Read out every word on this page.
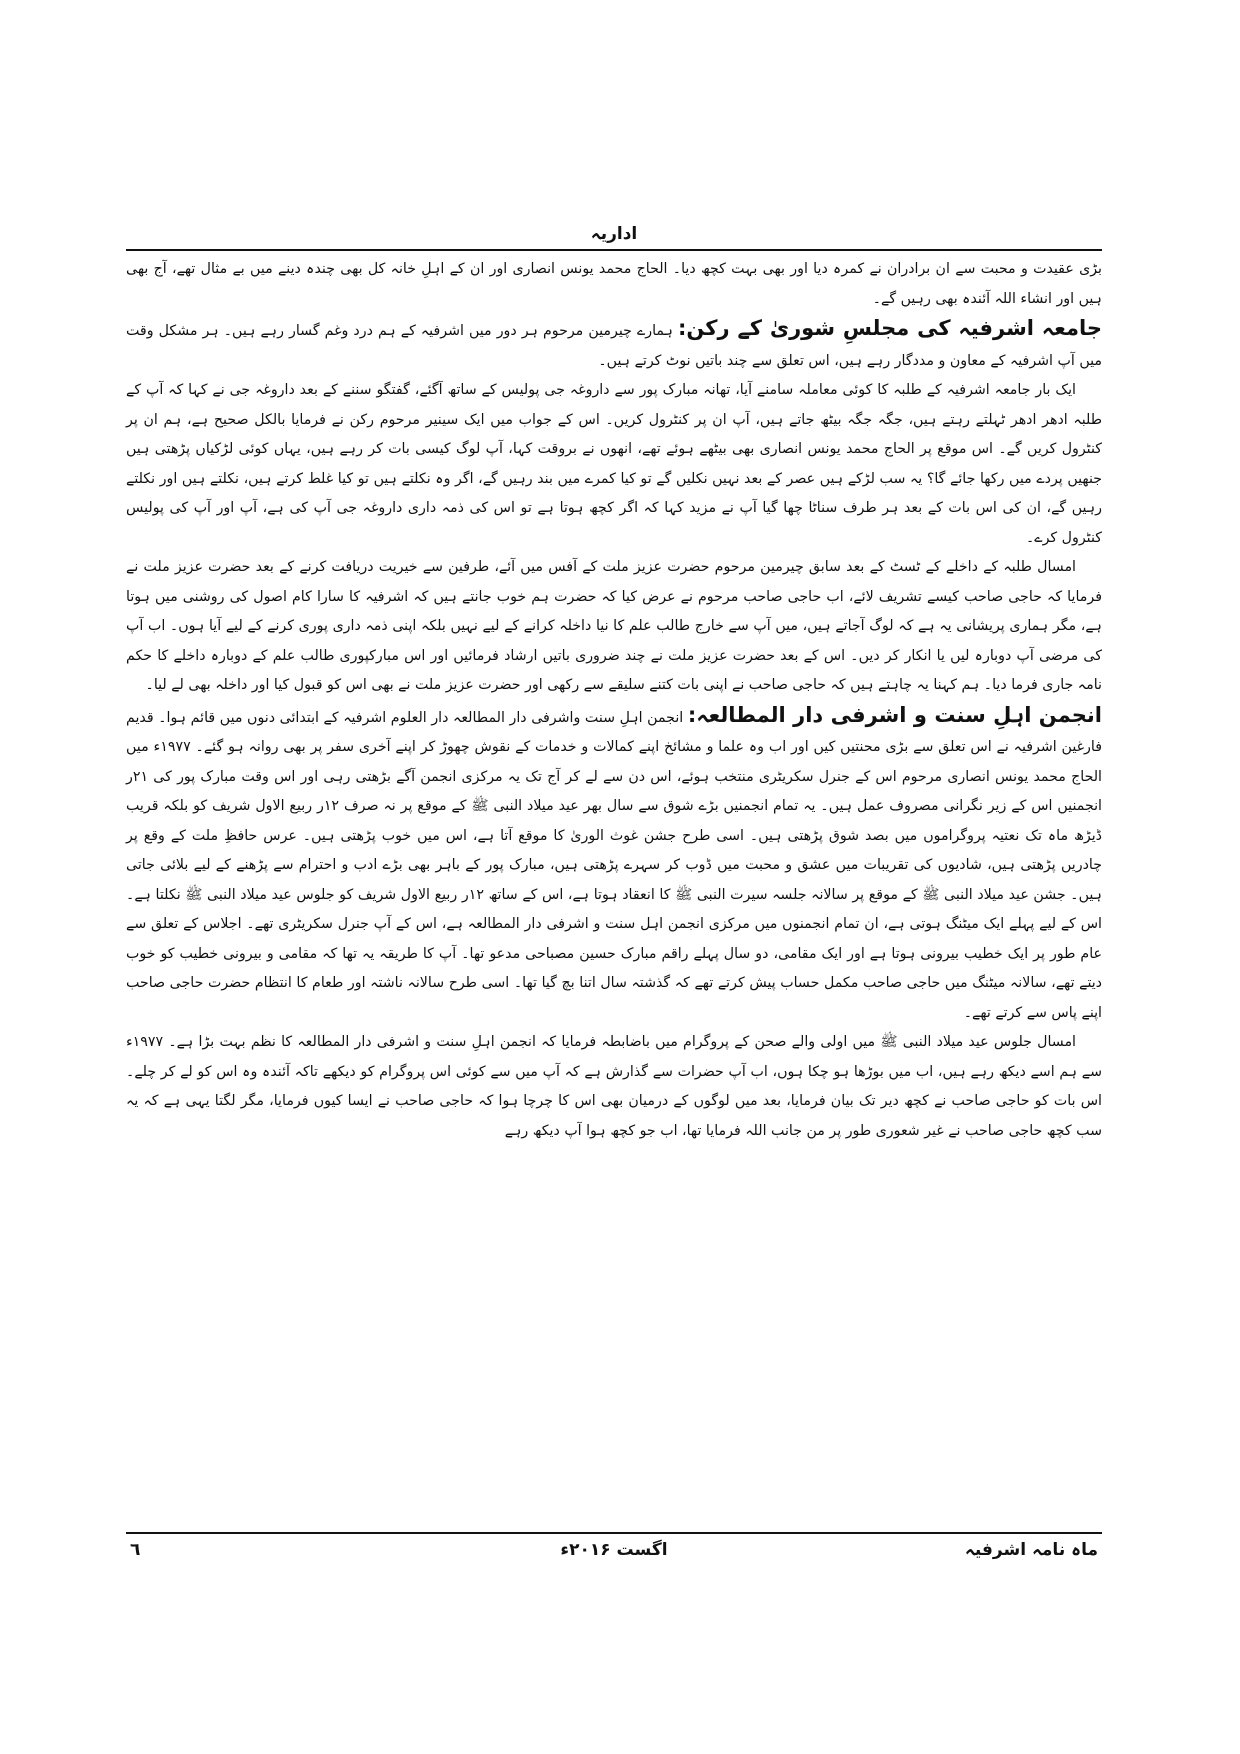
اداریہ

بڑی عقیدت و محبت سے ان برادران نے کمرہ دیا اور بھی بہت کچھ دیا۔ الحاج محمد یونس انصاری اور ان کے اہلِ خانہ کل بھی چندہ دینے میں بے مثال تھے، آج بھی ہیں اور انشاء اللہ آئندہ بھی رہیں گے۔

جامعہ اشرفیہ کی مجلسِ شوریٰ کے رکن: ہمارے چیرمین مرحوم ہر دور میں اشرفیہ کے ہم درد وغم گسار رہے ہیں۔ ہر مشکل وقت میں آپ اشرفیہ کے معاون و مددگار رہے ہیں، اس تعلق سے چند باتیں نوٹ کرتے ہیں۔

ایک بار جامعہ اشرفیہ کے طلبہ کا کوئی معاملہ سامنے آیا، تھانہ مبارک پور سے داروغہ جی پولیس کے ساتھ آگئے، گفتگو سننے کے بعد داروغہ جی نے کہا کہ آپ کے طلبہ ادھر ادھر ٹہلتے رہتے ہیں، جگہ جگہ بیٹھ جاتے ہیں، آپ ان پر کنٹرول کریں۔ اس کے جواب میں ایک سینیر مرحوم رکن نے فرمایا بالکل صحیح ہے، ہم ان پر کنٹرول کریں گے۔ اس موقع پر الحاج محمد یونس انصاری بھی بیٹھے ہوئے تھے، انھوں نے بروقت کہا، آپ لوگ کیسی بات کر رہے ہیں، یہاں کوئی لڑکیاں پڑھتی ہیں جنھیں پردے میں رکھا جائے گا؟ یہ سب لڑکے ہیں عصر کے بعد نہیں نکلیں گے تو کیا کمرے میں بند رہیں گے، اگر وہ نکلتے ہیں تو کیا غلط کرتے ہیں، نکلتے ہیں اور نکلتے رہیں گے، ان کی اس بات کے بعد ہر طرف سناٹا چھا گیا آپ نے مزید کہا کہ اگر کچھ ہوتا ہے تو اس کی ذمہ داری داروغہ جی آپ کی ہے، آپ اور آپ کی پولیس کنٹرول کرے۔

امسال طلبہ کے داخلے کے ٹسٹ کے بعد سابق چیرمین مرحوم حضرت عزیز ملت کے آفس میں آئے، طرفین سے خیریت دریافت کرنے کے بعد حضرت عزیز ملت نے فرمایا کہ حاجی صاحب کیسے تشریف لائے، اب حاجی صاحب مرحوم نے عرض کیا کہ حضرت ہم خوب جانتے ہیں کہ اشرفیہ کا سارا کام اصول کی روشنی میں ہوتا ہے، مگر ہماری پریشانی یہ ہے کہ لوگ آجاتے ہیں، میں آپ سے خارج طالب علم کا نیا داخلہ کرانے کے لیے نہیں بلکہ اپنی ذمہ داری پوری کرنے کے لیے آیا ہوں۔ اب آپ کی مرضی آپ دوبارہ لیں یا انکار کر دیں۔ اس کے بعد حضرت عزیز ملت نے چند ضروری باتیں ارشاد فرمائیں اور اس مبارکپوری طالب علم کے دوبارہ داخلے کا حکم نامہ جاری فرما دیا۔ ہم کہنا یہ چاہتے ہیں کہ حاجی صاحب نے اپنی بات کتنے سلیقے سے رکھی اور حضرت عزیز ملت نے بھی اس کو قبول کیا اور داخلہ بھی لے لیا۔

انجمن اہلِ سنت و اشرفی دار المطالعہ: انجمن اہلِ سنت واشرفی دار المطالعہ دار العلوم اشرفیہ کے ابتدائی دنوں میں قائم ہوا۔ قدیم فارغین اشرفیہ نے اس تعلق سے بڑی محنتیں کیں اور اب وہ علما و مشائخ اپنے کمالات و خدمات کے نقوش چھوڑ کر اپنے آخری سفر پر بھی روانہ ہو گئے۔ ۱۹۷۷ء میں الحاج محمد یونس انصاری مرحوم اس کے جنرل سکریٹری منتخب ہوئے، اس دن سے لے کر آج تک یہ مرکزی انجمن آگے بڑھتی رہی اور اس وقت مبارک پور کی ۲۱ر انجمنیں اس کے زیر نگرانی مصروف عمل ہیں۔ یہ تمام انجمنیں بڑے شوق سے سال بھر عید میلاد النبی ﷺ کے موقع پر نہ صرف ۱۲ر ربیع الاول شریف کو بلکہ قریب ڈیڑھ ماہ تک نعتیہ پروگراموں میں بصد شوق پڑھتی ہیں۔ اسی طرح جشن غوث الوریٰ کا موقع آتا ہے، اس میں خوب پڑھتی ہیں۔ عرس حافظِ ملت کے وقع پر چادریں پڑھتی ہیں، شادیوں کی تقریبات میں عشق و محبت میں ڈوب کر سہرے پڑھتی ہیں، مبارک پور کے باہر بھی بڑے ادب و احترام سے پڑھنے کے لیے بلائی جاتی ہیں۔ جشن عید میلاد النبی ﷺ کے موقع پر سالانہ جلسہ سیرت النبی ﷺ کا انعقاد ہوتا ہے، اس کے ساتھ ۱۲ر ربیع الاول شریف کو جلوس عید میلاد النبی ﷺ نکلتا ہے۔ اس کے لیے پہلے ایک میٹنگ ہوتی ہے، ان تمام انجمنوں میں مرکزی انجمن اہل سنت و اشرفی دار المطالعہ ہے، اس کے آپ جنرل سکریٹری تھے۔ اجلاس کے تعلق سے عام طور پر ایک خطیب بیرونی ہوتا ہے اور ایک مقامی، دو سال پہلے راقم مبارک حسین مصباحی مدعو تھا۔ آپ کا طریقہ یہ تھا کہ مقامی و بیرونی خطیب کو خوب دیتے تھے، سالانہ میٹنگ میں حاجی صاحب مکمل حساب پیش کرتے تھے کہ گذشتہ سال اتنا بچ گیا تھا۔ اسی طرح سالانہ ناشتہ اور طعام کا انتظام حضرت حاجی صاحب اپنے پاس سے کرتے تھے۔

امسال جلوس عید میلاد النبی ﷺ میں اولی والے صحن کے پروگرام میں باضابطہ فرمایا کہ انجمن اہلِ سنت و اشرفی دار المطالعہ کا نظم بہت بڑا ہے۔ ۱۹۷۷ء سے ہم اسے دیکھ رہے ہیں، اب میں بوڑھا ہو چکا ہوں، اب آپ حضرات سے گذارش ہے کہ آپ میں سے کوئی اس پروگرام کو دیکھے تاکہ آئندہ وہ اس کو لے کر چلے۔ اس بات کو حاجی صاحب نے کچھ دیر تک بیان فرمایا، بعد میں لوگوں کے درمیان بھی اس کا چرچا ہوا کہ حاجی صاحب نے ایسا کیوں فرمایا، مگر لگتا یہی ہے کہ یہ سب کچھ حاجی صاحب نے غیر شعوری طور پر من جانب اللہ فرمایا تھا، اب جو کچھ ہوا آپ دیکھ رہے

٦	اگست ۲۰۱۶ء	ماہ نامہ اشرفیہ
